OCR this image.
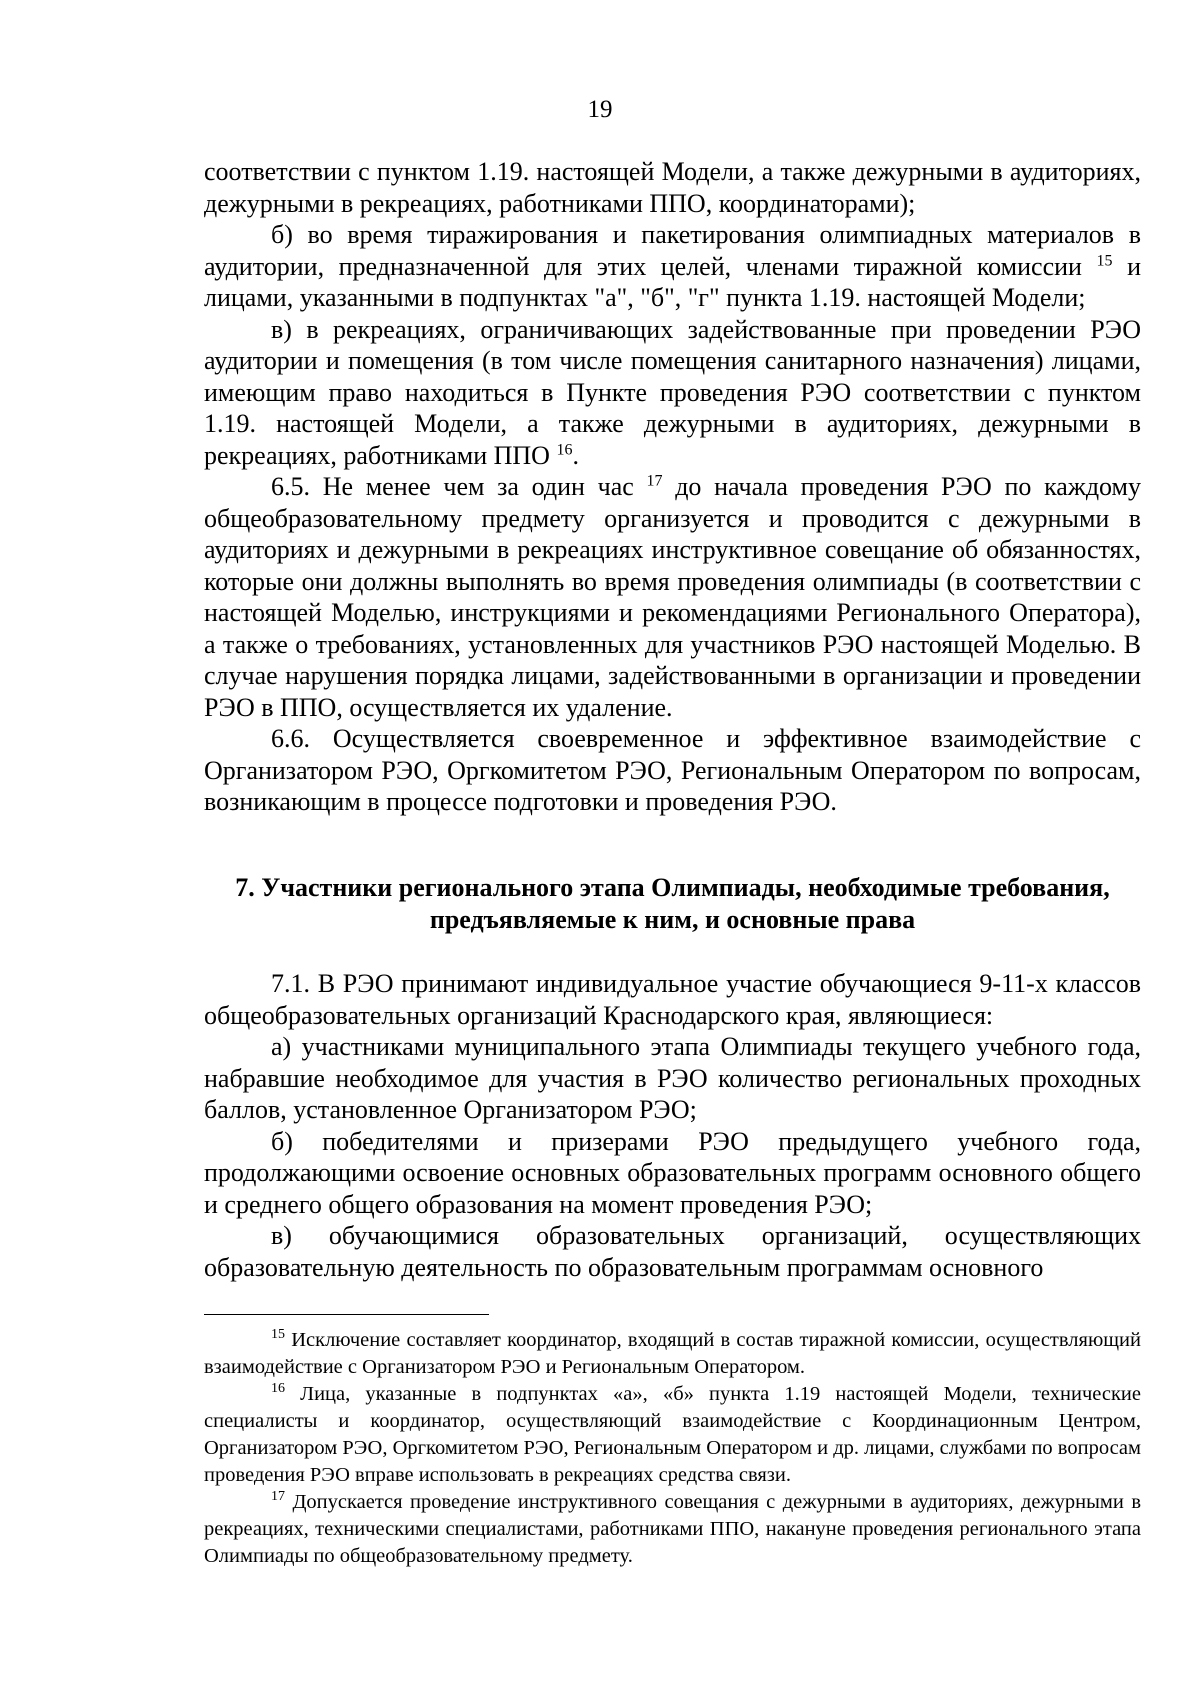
19

соответствии с пунктом 1.19. настоящей Модели, а также дежурными в аудиториях, дежурными в рекреациях, работниками ППО, координаторами);

б) во время тиражирования и пакетирования олимпиадных материалов в аудитории, предназначенной для этих целей, членами тиражной комиссии $^{15}$ и лицами, указанными в подпунктах "а", "б", "г" пункта 1.19. настоящей Модели;

в) в рекреациях, ограничивающих задействованные при проведении РЭО аудитории и помещения (в том числе помещения санитарного назначения) лицами, имеющим право находиться в Пункте проведения РЭО соответствии с пунктом 1.19. настоящей Модели, а также дежурными в аудиториях, дежурными в рекреациях, работниками ППО $^{16}$.

6.5. Не менее чем за один час $^{17}$ до начала проведения РЭО по каждому общеобразовательному предмету организуется и проводится с дежурными в аудиториях и дежурными в рекреациях инструктивное совещание об обязанностях, которые они должны выполнять во время проведения олимпиады (в соответствии с настоящей Моделью, инструкциями и рекомендациями Регионального Оператора), а также о требованиях, установленных для участников РЭО настоящей Моделью. В случае нарушения порядка лицами, задействованными в организации и проведении РЭО в ППО, осуществляется их удаление.

6.6. Осуществляется своевременное и эффективное взаимодействие с Организатором РЭО, Оргкомитетом РЭО, Региональным Оператором по вопросам, возникающим в процессе подготовки и проведения РЭО.

7. Участники регионального этапа Олимпиады, необходимые требования,
предъявляемые к ним, и основные права

7.1. В РЭО принимают индивидуальное участие обучающиеся 9-11-х классов общеобразовательных организаций Краснодарского края, являющиеся:

а) участниками муниципального этапа Олимпиады текущего учебного года, набравшие необходимое для участия в РЭО количество региональных проходных баллов, установленное Организатором РЭО;

б) победителями и призерами РЭО предыдущего учебного года, продолжающими освоение основных образовательных программ основного общего и среднего общего образования на момент проведения РЭО;

в) обучающимися образовательных организаций, осуществляющих образовательную деятельность по образовательным программам основного

$^{15}$ Исключение составляет координатор, входящий в состав тиражной комиссии, осуществляющий взаимодействие с Организатором РЭО и Региональным Оператором.

$^{16}$ Лица, указанные в подпунктах «а», «б» пункта 1.19 настоящей Модели, технические специалисты и координатор, осуществляющий взаимодействие с Координационным Центром, Организатором РЭО, Оргкомитетом РЭО, Региональным Оператором и др. лицами, службами по вопросам проведения РЭО вправе использовать в рекреациях средства связи.

$^{17}$ Допускается проведение инструктивного совещания с дежурными в аудиториях, дежурными в рекреациях, техническими специалистами, работниками ППО, накануне проведения регионального этапа Олимпиады по общеобразовательному предмету.
